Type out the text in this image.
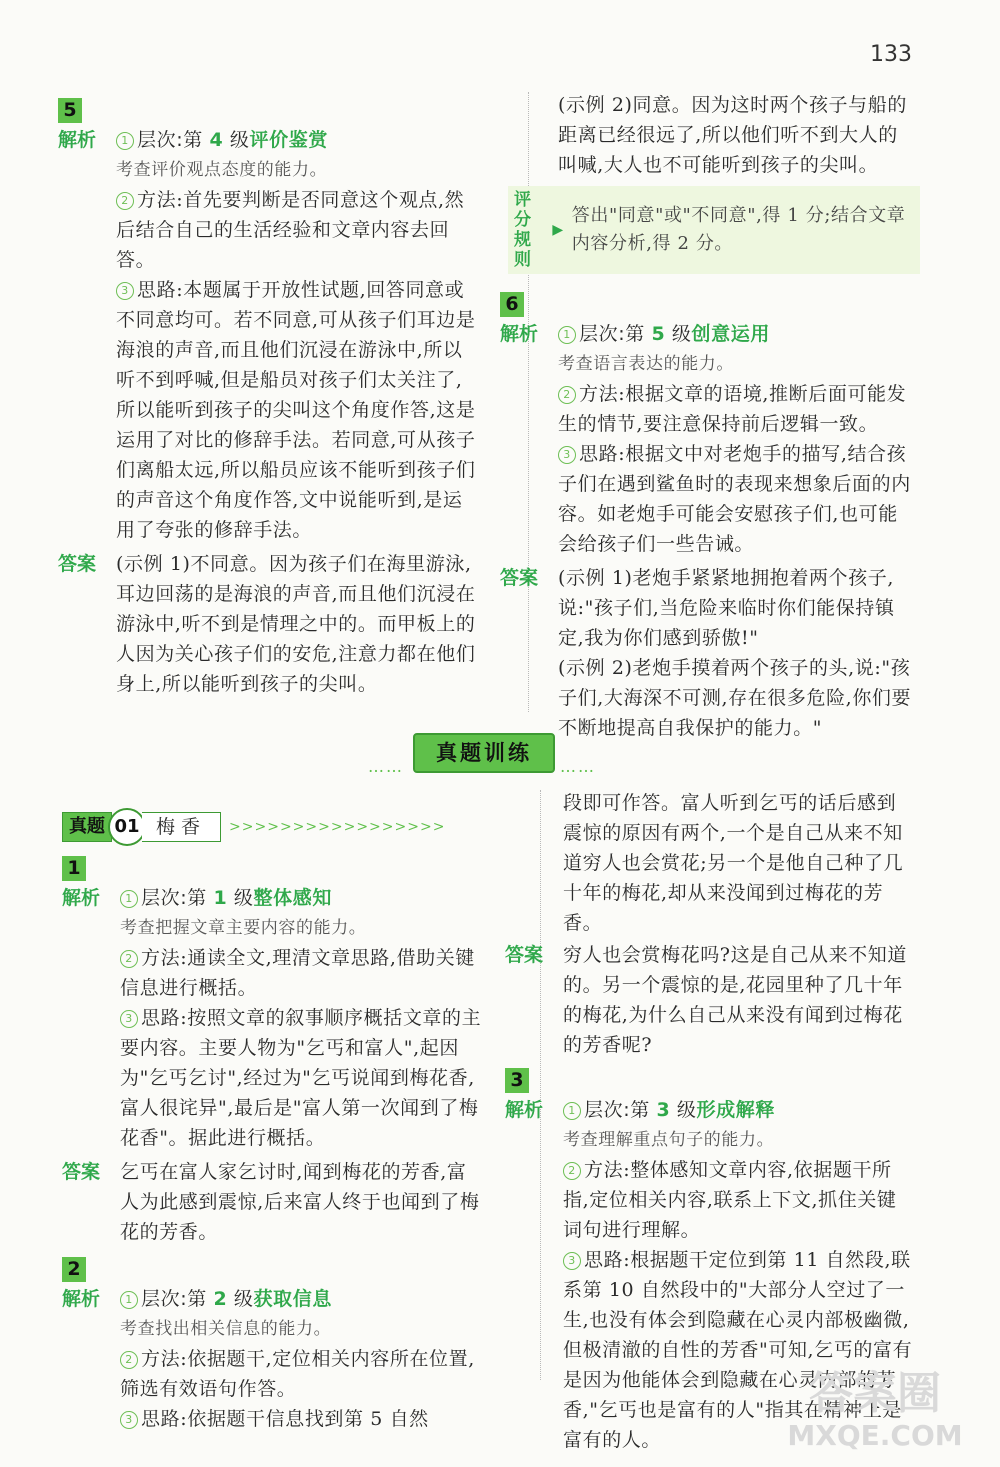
133
5
解析	1 层次:第 4 级评价鉴赏

考查评价观点态度的能力。

2 方法:首先要判断是否同意这个观点,然后结合自己的生活经验和文章内容去回答。

3 思路:本题属于开放性试题,回答同意或不同意均可。若不同意,可从孩子们耳边是海浪的声音,而且他们沉浸在游泳中,所以听不到呼喊,但是船员对孩子们太关注了,所以能听到孩子的尖叫这个角度作答,这是运用了对比的修辞手法。若同意,可从孩子们离船太远,所以船员应该不能听到孩子们的声音这个角度作答,文中说能听到,是运用了夸张的修辞手法。

答案	(示例 1)不同意。因为孩子们在海里游泳,耳边回荡的是海浪的声音,而且他们沉浸在游泳中,听不到是情理之中的。而甲板上的人因为关心孩子们的安危,注意力都在他们身上,所以能听到孩子的尖叫。

(示例 2)同意。因为这时两个孩子与船的距离已经很远了,所以他们听不到大人的叫喊,大人也不可能听到孩子的尖叫。

评分规则
▶
答出"同意"或"不同意",得 1 分;结合文章内容分析,得 2 分。
6
解析	1 层次:第 5 级创意运用

考查语言表达的能力。

2 方法:根据文章的语境,推断后面可能发生的情节,要注意保持前后逻辑一致。

3 思路:根据文中对老炮手的描写,结合孩子们在遇到鲨鱼时的表现来想象后面的内容。如老炮手可能会安慰孩子们,也可能会给孩子们一些告诫。

答案	(示例 1)老炮手紧紧地拥抱着两个孩子,说:"孩子们,当危险来临时你们能保持镇定,我为你们感到骄傲!"

(示例 2)老炮手摸着两个孩子的头,说:"孩子们,大海深不可测,存在很多危险,你们要不断地提高自我保护的能力。"

……
真题训练
……
真题 01 梅香	>>>>>>>>>>>>>>>>>
1
解析	1 层次:第 1 级整体感知

考查把握文章主要内容的能力。

2 方法:通读全文,理清文章思路,借助关键信息进行概括。

3 思路:按照文章的叙事顺序概括文章的主要内容。主要人物为"乞丐和富人",起因为"乞丐乞讨",经过为"乞丐说闻到梅花香,富人很诧异",最后是"富人第一次闻到了梅花香"。据此进行概括。

答案	乞丐在富人家乞讨时,闻到梅花的芳香,富人为此感到震惊,后来富人终于也闻到了梅花的芳香。

2
解析	1 层次:第 2 级获取信息

考查找出相关信息的能力。

2 方法:依据题干,定位相关内容所在位置,筛选有效语句作答。

3 思路:依据题干信息找到第 5 自然

段即可作答。富人听到乞丐的话后感到震惊的原因有两个,一个是自己从来不知道穷人也会赏花;另一个是他自己种了几十年的梅花,却从来没闻到过梅花的芳香。

答案	穷人也会赏梅花吗?这是自己从来不知道的。另一个震惊的是,花园里种了几十年的梅花,为什么自己从来没有闻到过梅花的芳香呢?

3
解析	1 层次:第 3 级形成解释

考查理解重点句子的能力。

2 方法:整体感知文章内容,依据题干所指,定位相关内容,联系上下文,抓住关键词句进行理解。

3 思路:根据题干定位到第 11 自然段,联系第 10 自然段中的"大部分人空过了一生,也没有体会到隐藏在心灵内部极幽微,但极清澈的自性的芳香"可知,乞丐的富有是因为他能体会到隐藏在心灵内部的芳香,"乞丐也是富有的人"指其在精神上是富有的人。

答案圈
MXQE.COM
